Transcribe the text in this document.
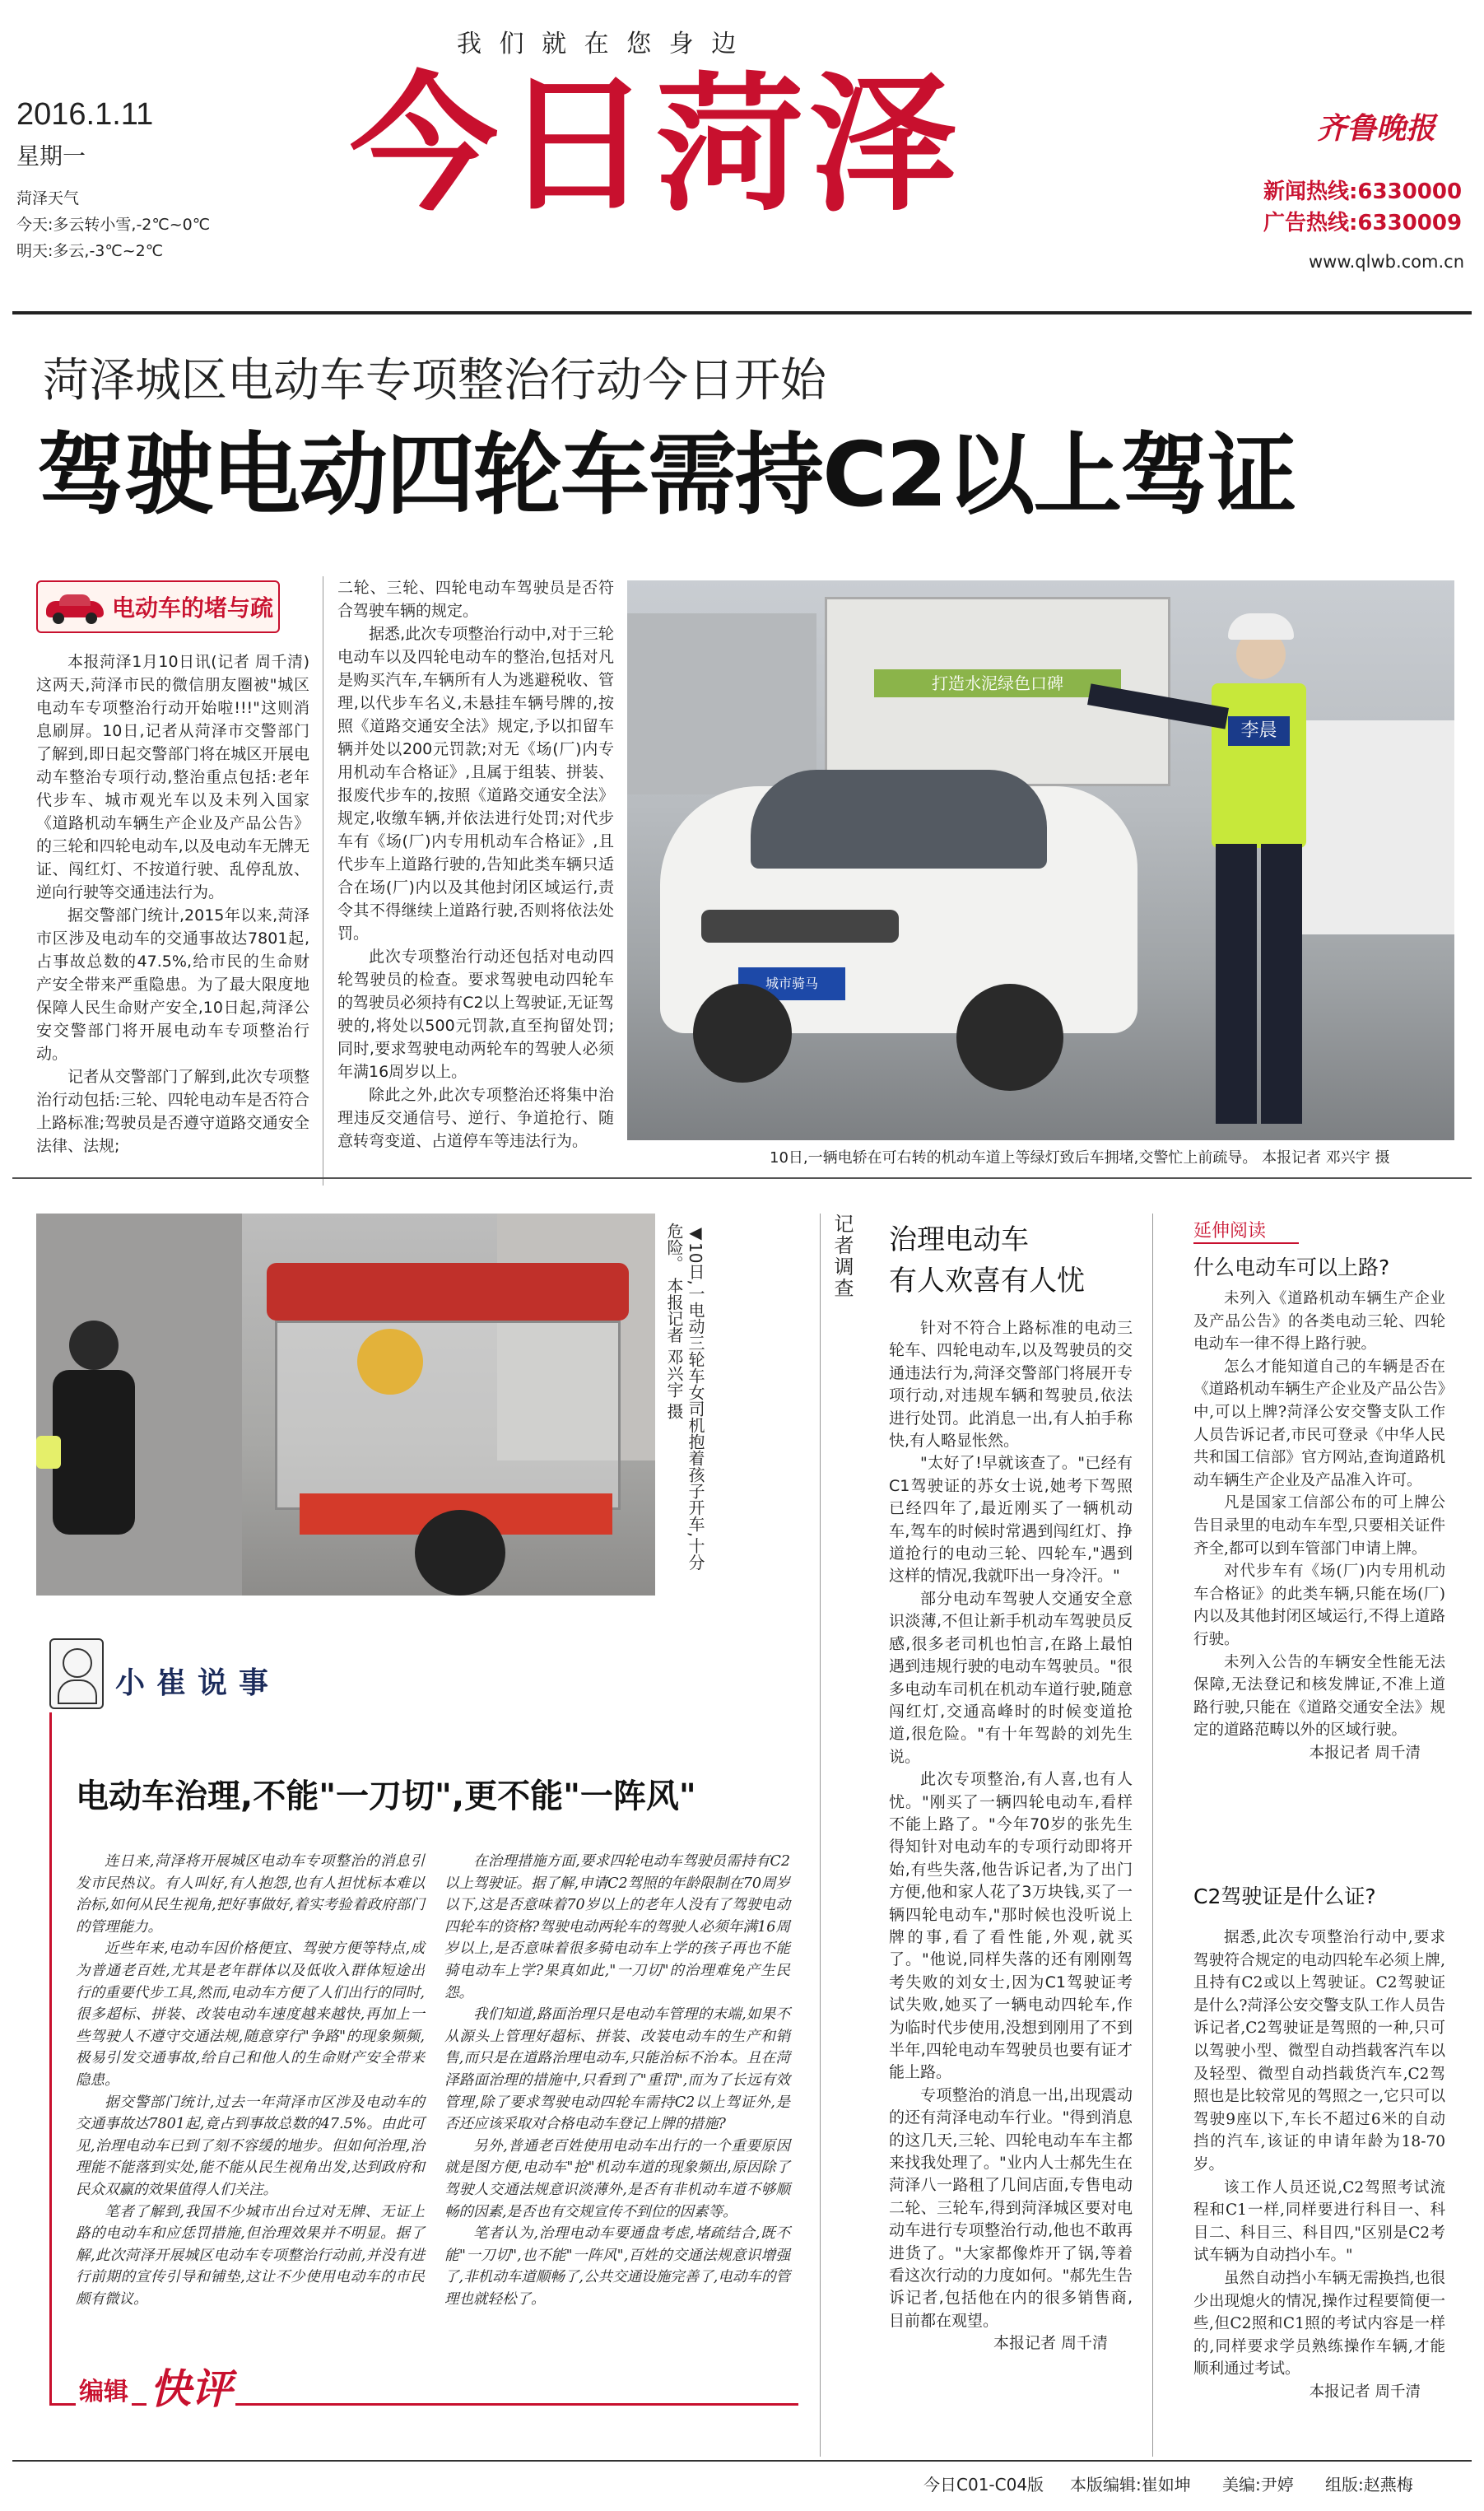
我 们 就 在 您 身 边
2016.1.11
星期一
菏泽天气
今天:多云转小雪,-2℃~0℃
明天:多云,-3℃~2℃
今日菏泽	齐鲁晚报
新闻热线:6330000
广告热线:6330009
www.qlwb.com.cn
菏泽城区电动车专项整治行动今日开始
驾驶电动四轮车需持C2以上驾证
电动车的堵与疏

本报菏泽1月10日讯(记者 周千清) 这两天,菏泽市民的微信朋友圈被"城区电动车专项整治行动开始啦!!!"这则消息刷屏。10日,记者从菏泽市交警部门了解到,即日起交警部门将在城区开展电动车整治专项行动,整治重点包括:老年代步车、城市观光车以及未列入国家《道路机动车辆生产企业及产品公告》的三轮和四轮电动车,以及电动车无牌无证、闯红灯、不按道行驶、乱停乱放、逆向行驶等交通违法行为。

据交警部门统计,2015年以来,菏泽市区涉及电动车的交通事故达7801起,占事故总数的47.5%,给市民的生命财产安全带来严重隐患。为了最大限度地保障人民生命财产安全,10日起,菏泽公安交警部门将开展电动车专项整治行动。

记者从交警部门了解到,此次专项整治行动包括:三轮、四轮电动车是否符合上路标准;驾驶员是否遵守道路交通安全法律、法规;

二轮、三轮、四轮电动车驾驶员是否符合驾驶车辆的规定。

据悉,此次专项整治行动中,对于三轮电动车以及四轮电动车的整治,包括对凡是购买汽车,车辆所有人为逃避税收、管理,以代步车名义,未悬挂车辆号牌的,按照《道路交通安全法》规定,予以扣留车辆并处以200元罚款;对无《场(厂)内专用机动车合格证》,且属于组装、拼装、报废代步车的,按照《道路交通安全法》规定,收缴车辆,并依法进行处罚;对代步车有《场(厂)内专用机动车合格证》,且代步车上道路行驶的,告知此类车辆只适合在场(厂)内以及其他封闭区域运行,责令其不得继续上道路行驶,否则将依法处罚。

此次专项整治行动还包括对电动四轮驾驶员的检查。要求驾驶电动四轮车的驾驶员必须持有C2以上驾驶证,无证驾驶的,将处以500元罚款,直至拘留处罚;同时,要求驾驶电动两轮车的驾驶人必须年满16周岁以上。

除此之外,此次专项整治还将集中治理违反交通信号、逆行、争道抢行、随意转弯变道、占道停车等违法行为。

打造水泥绿色口碑
城市骑马
李晨
10日,一辆电轿在可右转的机动车道上等绿灯致后车拥堵,交警忙上前疏导。 本报记者 邓兴宇 摄
◀10日,一电动三轮车女司机抱着孩子开车,十分危险。 本报记者 邓兴宇 摄	记者调查 治理电动车
有人欢喜有人忧

针对不符合上路标准的电动三轮车、四轮电动车,以及驾驶员的交通违法行为,菏泽交警部门将展开专项行动,对违规车辆和驾驶员,依法进行处罚。此消息一出,有人拍手称快,有人略显怅然。

"太好了!早就该查了。"已经有C1驾驶证的苏女士说,她考下驾照已经四年了,最近刚买了一辆机动车,驾车的时候时常遇到闯红灯、挣道抢行的电动三轮、四轮车,"遇到这样的情况,我就吓出一身冷汗。"

部分电动车驾驶人交通安全意识淡薄,不但让新手机动车驾驶员反感,很多老司机也怕言,在路上最怕遇到违规行驶的电动车驾驶员。"很多电动车司机在机动车道行驶,随意闯红灯,交通高峰时的时候变道抢道,很危险。"有十年驾龄的刘先生说。

此次专项整治,有人喜,也有人忧。"刚买了一辆四轮电动车,看样不能上路了。"今年70岁的张先生得知针对电动车的专项行动即将开始,有些失落,他告诉记者,为了出门方便,他和家人花了3万块钱,买了一辆四轮电动车,"那时候也没听说上牌的事,看了看性能,外观,就买了。"他说,同样失落的还有刚刚驾考失败的刘女士,因为C1驾驶证考试失败,她买了一辆电动四轮车,作为临时代步使用,没想到刚用了不到半年,四轮电动车驾驶员也要有证才能上路。

专项整治的消息一出,出现震动的还有菏泽电动车行业。"得到消息的这几天,三轮、四轮电动车车主都来找我处理了。"业内人士郝先生在菏泽八一路租了几间店面,专售电动二轮、三轮车,得到菏泽城区要对电动车进行专项整治行动,他也不敢再进货了。"大家都像炸开了锅,等着看这次行动的力度如何。"郝先生告诉记者,包括他在内的很多销售商,目前都在观望。

本报记者 周千清

延伸阅读
什么电动车可以上路?

未列入《道路机动车辆生产企业及产品公告》的各类电动三轮、四轮电动车一律不得上路行驶。

怎么才能知道自己的车辆是否在《道路机动车辆生产企业及产品公告》中,可以上牌?菏泽公安交警支队工作人员告诉记者,市民可登录《中华人民共和国工信部》官方网站,查询道路机动车辆生产企业及产品准入许可。

凡是国家工信部公布的可上牌公告目录里的电动车车型,只要相关证件齐全,都可以到车管部门申请上牌。

对代步车有《场(厂)内专用机动车合格证》的此类车辆,只能在场(厂)内以及其他封闭区域运行,不得上道路行驶。

未列入公告的车辆安全性能无法保障,无法登记和核发牌证,不准上道路行驶,只能在《道路交通安全法》规定的道路范畴以外的区域行驶。

本报记者 周千清

C2驾驶证是什么证?

据悉,此次专项整治行动中,要求驾驶符合规定的电动四轮车必须上牌,且持有C2或以上驾驶证。C2驾驶证是什么?菏泽公安交警支队工作人员告诉记者,C2驾驶证是驾照的一种,只可以驾驶小型、微型自动挡载客汽车以及轻型、微型自动挡载货汽车,C2驾照也是比较常见的驾照之一,它只可以驾驶9座以下,车长不超过6米的自动挡的汽车,该证的申请年龄为18-70岁。

该工作人员还说,C2驾照考试流程和C1一样,同样要进行科目一、科目二、科目三、科目四,"区别是C2考试车辆为自动挡小车。"

虽然自动挡小车辆无需换挡,也很少出现熄火的情况,操作过程要简便一些,但C2照和C1照的考试内容是一样的,同样要求学员熟练操作车辆,才能顺利通过考试。

本报记者 周千清

小崔说事
电动车治理,不能"一刀切",更不能"一阵风"

连日来,菏泽将开展城区电动车专项整治的消息引发市民热议。有人叫好,有人抱怨,也有人担忧标本难以治标,如何从民生视角,把好事做好,着实考验着政府部门的管理能力。

近些年来,电动车因价格便宜、驾驶方便等特点,成为普通老百姓,尤其是老年群体以及低收入群体短途出行的重要代步工具,然而,电动车方便了人们出行的同时,很多超标、拼装、改装电动车速度越来越快,再加上一些驾驶人不遵守交通法规,随意穿行"争路"的现象频频,极易引发交通事故,给自己和他人的生命财产安全带来隐患。

据交警部门统计,过去一年菏泽市区涉及电动车的交通事故达7801起,竟占到事故总数的47.5%。由此可见,治理电动车已到了刻不容缓的地步。但如何治理,治理能不能落到实处,能不能从民生视角出发,达到政府和民众双赢的效果值得人们关注。

笔者了解到,我国不少城市出台过对无牌、无证上路的电动车和应恁罚措施,但治理效果并不明显。据了解,此次菏泽开展城区电动车专项整治行动前,并没有进行前期的宣传引导和铺垫,这让不少使用电动车的市民颇有微议。

在治理措施方面,要求四轮电动车驾驶员需持有C2以上驾驶证。据了解,申请C2驾照的年龄限制在70周岁以下,这是否意味着70岁以上的老年人没有了驾驶电动四轮车的资格?驾驶电动两轮车的驾驶人必须年满16周岁以上,是否意味着很多骑电动车上学的孩子再也不能骑电动车上学?果真如此,"一刀切"的治理难免产生民怨。

我们知道,路面治理只是电动车管理的末端,如果不从源头上管理好超标、拼装、改装电动车的生产和销售,而只是在道路治理电动车,只能治标不治本。且在菏泽路面治理的措施中,只看到了"重罚",而为了长远有效管理,除了要求驾驶电动四轮车需持C2以上驾证外,是否还应该采取对合格电动车登记上牌的措施?

另外,普通老百姓使用电动车出行的一个重要原因就是图方便,电动车"抢"机动车道的现象频出,原因除了驾驶人交通法规意识淡薄外,是否有非机动车道不够顺畅的因素,是否也有交规宣传不到位的因素等。

笔者认为,治理电动车要通盘考虑,堵疏结合,既不能"一刀切",也不能"一阵风",百姓的交通法规意识增强了,非机动车道顺畅了,公共交通设施完善了,电动车的管理也就轻松了。

编辑 快评
今日C01-C04版 本版编辑:崔如坤 美编:尹婷 组版:赵燕梅
